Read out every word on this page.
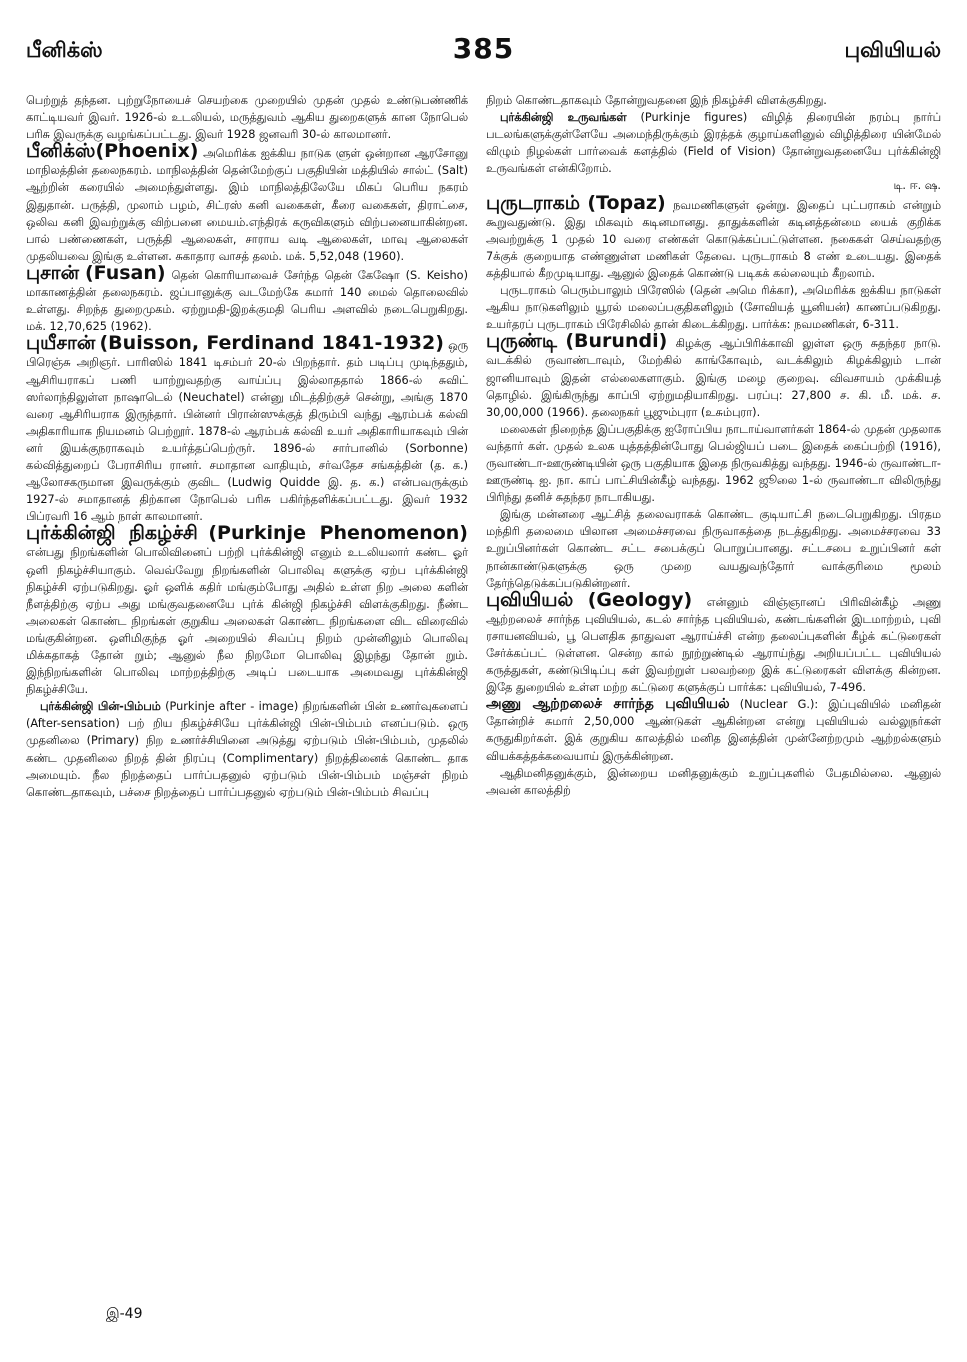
பீனிக்ஸ்	385	புவியியல்

பெற்றுத் தந்தன. புற்றுநோயைச் செயற்கை முறையில் முதன் முதல் உண்டுபண்ணிக் காட்டியவர் இவர். 1926-ல் உடலியல், மருத்துவம் ஆகிய துறைகளுக் கான நோபெல் பரிசு இவருக்கு வழங்கப்பட்டது. இவர் 1928 ஜனவரி 30-ல் காலமானர்.

பீனிக்ஸ்(Phoenix) அமெரிக்க ஐக்கிய நாடுக ளுள் ஒன்றான ஆரசோனு மாநிலத்தின் தலைநகரம். மாநிலத்தின் தென்மேற்குப் பகுதியின் மத்தியில் சால்ட் (Salt) ஆற்றின் கரையில் அமைந்துள்ளது. இம் மாநிலத்திலேயே மிகப் பெரிய நகரம் இதுதான். பருத்தி, முலாம் பழம், சிட்ரஸ் கனி வகைகள், கீரை வகைகள், திராட்சை, ஒலிவ கனி இவற்றுக்கு விற்பனை மையம்.எந்திரக் கருவிகளும் விற்பனையாகின்றன. பால் பண்ணைகள், பருத்தி ஆலைகள், சாராய வடி ஆலைகள், மாவு ஆலைகள் முதலியவை இங்கு உள்ளன. சுகாதார வாசத் தலம். மக். 5,52,048 (1960).

புசான் (Fusan) தென் கொரியாவைச் சேர்ந்த தென் கேஷோ (S. Keisho) மாகாணத்தின் தலைநகரம். ஜப்பானுக்கு வடமேற்கே சுமார் 140 மைல் தொலைவில் உள்ளது. சிறந்த துறைமுகம். ஏற்றுமதி-இறக்குமதி பெரிய அளவில் நடைபெறுகிறது. மக். 12,70,625 (1962).

புயீசான் (Buisson, Ferdinand 1841-1932) ஒரு பிரெஞ்சு அறிஞர். பாரிஸில் 1841 டிசம்பர் 20-ல் பிறந்தார். தம் படிப்பு முடிந்ததும், ஆசிரியராகப் பணி யாற்றுவதற்கு வாய்ப்பு இல்லாததால் 1866-ல் சுவிட் ஸர்லாந்திலுள்ள நாஷாடெல் (Neuchatel) என்னு மிடத்திற்குச் சென்று, அங்கு 1870 வரை ஆசிரியராக இருந்தார். பின்னர் பிரான்ஸுக்குத் திரும்பி வந்து ஆரம்பக் கல்வி அதிகாரியாக நியமனம் பெற்றூர். 1878-ல் ஆரம்பக் கல்வி உயர் அதிகாரியாகவும் பின் னர் இயக்குநராகவும் உயர்த்தப்பெற்ருர். 1896-ல் சார்பானில் (Sorbonne) கல்வித்துறைப் பேராசிரிய ரானர். சமாதான வாதியும், சர்வதேச சங்கத்தின் (த. க.) ஆலோசகருமான இவருக்கும் குவிட (Ludwig Quidde இ. த. க.) என்பவருக்கும் 1927-ல் சமாதானத் திற்கான நோபெல் பரிசு பகிர்ந்தளிக்கப்பட்டது. இவர் 1932 பிப்ரவரி 16 ஆம் நாள் காலமானர்.

புர்க்கின்ஜி நிகழ்ச்சி (Purkinje Phenomenon) என்பது நிறங்களின் பொலிவினைப் பற்றி புர்க்கின்ஜி எனும் உடலியலார் கண்ட ஓர் ஒளி நிகழ்ச்சியாகும். வெவ்வேறு நிறங்களின் பொலிவு களுக்கு ஏற்ப புர்க்கின்ஜி நிகழ்ச்சி ஏற்படுகிறது. ஓர் ஒளிக் கதிர் மங்கும்போது அதில் உள்ள நிற அலை களின் நீளத்திற்கு ஏற்ப அது மங்குவதனையே புர்க் கின்ஜி நிகழ்ச்சி விளக்குகிறது. நீண்ட அலைகள் கொண்ட நிறங்கள் குறுகிய அலைகள் கொண்ட நிறங்களை விட விரைவில் மங்குகின்றன. ஒளிமிகுந்த ஓர் அறையில் சிவப்பு நிறம் முன்னிலும் பொலிவு மிக்கதாகத் தோன் றும்; ஆனுல் நீல நிறமோ பொலிவு இழந்து தோன் றும். இந்நிறங்களின் பொலிவு மாற்றத்திற்கு அடிப் படையாக அமைவது புர்க்கின்ஜி நிகழ்ச்சியே.

புர்க்கின்ஜி பின்-பிம்பம் (Purkinje after - image) நிறங்களின் பின் உணர்வுகளைப் (After-sensation) பற் றிய நிகழ்ச்சியே புர்க்கின்ஜி பின்-பிம்பம் எனப்படும். ஒரு முதனிலை (Primary) நிற உணர்ச்சியினை அடுத்து ஏற்படும் பின்-பிம்பம், முதலில் கண்ட முதனிலை நிறத் தின் நிரப்பு (Complimentary) நிறத்தினைக் கொண்ட தாக அமையும். நீல நிறத்தைப் பார்ப்பதனுல் ஏற்படும் பின்-பிம்பம் மஞ்சள் நிறம் கொண்டதாகவும், பச்சை நிறத்தைப் பார்ப்பதனுல் ஏற்படும் பின்-பிம்பம் சிவப்பு

நிறம் கொண்டதாகவும் தோன்றுவதனை இந் நிகழ்ச்சி விளக்குகிறது.

புர்க்கின்ஜி உருவங்கள் (Purkinje figures) விழித் திரையின் நரம்பு நார்ப் படலங்களுக்குள்ளேயே அமைந்திருக்கும் இரத்தக் குழாய்களினுல் விழித்திரை யின்மேல் விழும் நிழல்கள் பார்வைக் களத்தில் (Field of Vision) தோன்றுவதனையே புர்க்கின்ஜி உருவங்கள் என்கிறோம்.

டி. ஈ. ஷ.

புருடராகம் (Topaz) நவமணிகளுள் ஒன்று. இதைப் புட்பராகம் என்றும் கூறுவதுண்டு. இது மிகவும் கடினமானது. தாதுக்களின் கடினத்தன்மை யைக் குறிக்க அவற்றுக்கு 1 முதல் 10 வரை எண்கள் கொடுக்கப்பட்டுள்ளன. நகைகள் செய்வதற்கு 7க்குக் குறையாத எண்ணுள்ள மணிகள் தேவை. புருடராகம் 8 எண் உடையது. இதைக் கத்தியால் கீறமுடியாது. ஆனுல் இதைக் கொண்டு படிகக் கல்லையும் கீறலாம்.

புருடராகம் பெரும்பாலும் பிரேஸில் (தென் அமெ ரிக்கா), அமெரிக்க ஐக்கிய நாடுகள் ஆகிய நாடுகளிலும் யூரல் மலைப்பகுதிகளிலும் (சோவியத் யூனியன்) காணப்படுகிறது. உயர்தரப் புருடராகம் பிரேசிலில் தான் கிடைக்கிறது. பார்க்க: நவமணிகள், 6-311.

புருண்டி (Burundi) கிழக்கு ஆப்பிரிக்காவி லுள்ள ஒரு சுதந்தர நாடு. வடக்கில் ருவாண்டாவும், மேற்கில் காங்கோவும், வடக்கிலும் கிழக்கிலும் டான் ஜானியாவும் இதன் எல்லைகளாகும். இங்கு மழை குறைவு. விவசாயம் முக்கியத் தொழில். இங்கிருந்து காப்பி ஏற்றுமதியாகிறது. பரப்பு: 27,800 ச. கி. மீ. மக். ச. 30,00,000 (1966). தலைநகர் பூஜும்புரா (உசும்புரா).

மலைகள் நிறைந்த இப்பகுதிக்கு ஐரோப்பிய நாடாய்வாளர்கள் 1864-ல் முதன் முதலாக வந்தார் கள். முதல் உலக யுத்தத்தின்போது பெல்ஜியப் படை இதைக் கைப்பற்றி (1916), ருவாண்டா-ஊருண்டியின் ஒரு பகுதியாக இதை நிருவகித்து வந்தது. 1946-ல் ருவாண்டா-ஊருண்டி ஐ. நா. காப் பாட்சியின்கீழ் வந்தது. 1962 ஜூலை 1-ல் ருவாண்டா விலிருந்து பிரிந்து தனிச் சுதந்தர நாடாகியது.

இங்கு மன்னரை ஆட்சித் தலைவராகக் கொண்ட குடியாட்சி நடைபெறுகிறது. பிரதம மந்திரி தலைமை யிலான அமைச்சரவை நிருவாகத்தை நடத்துகிறது. அமைச்சரவை 33 உறுப்பினர்கள் கொண்ட சட்ட சபைக்குப் பொறுப்பானது. சட்டசபை உறுப்பினர் கள் நான்காண்டுகளுக்கு ஒரு முறை வயதுவந்தோர் வாக்குரிமை மூலம் தேர்ந்தெடுக்கப்படுகின்றனர்.

புவியியல் (Geology) என்னும் விஞ்ஞானப் பிரிவின்கீழ் அணு ஆற்றலைச் சார்ந்த புவியியல், கடல் சார்ந்த புவியியல், கண்டங்களின் இடமாற்றம், புவி ரசாயனவியல், பூ பௌதிக தாதுவள ஆராய்ச்சி என்ற தலைப்புகளின் கீழ்க் கட்டுரைகள் சேர்க்கப்பட் டுள்ளன. சென்ற கால் நூற்றுண்டில் ஆராய்ந்து அறியப்பட்ட புவியியல் கருத்துகள், கண்டுபிடிப்பு கள் இவற்றுள் பலவற்றை இக் கட்டுரைகள் விளக்கு கின்றன. இதே துறையில் உள்ள மற்ற கட்டுரை களுக்குப் பார்க்க: புவியியல், 7-496.

அணு ஆற்றலைச் சார்ந்த புவியியல் (Nuclear G.): இப்புவியில் மனிதன் தோன்றிச் சுமார் 2,50,000 ஆண்டுகள் ஆகின்றன என்று புவியியல் வல்லுநர்கள் கருதுகிறர்கள். இக் குறுகிய காலத்தில் மனித இனத்தின் முன்னேற்றமும் ஆற்றல்களும் வியக்கத்தக்கவையாய் இருக்கின்றன.

ஆதிமனிதனுக்கும், இன்றைய மனிதனுக்கும் உறுப்புகளில் பேதமில்லை. ஆனுல் அவன் காலத்திற்

இ-49
